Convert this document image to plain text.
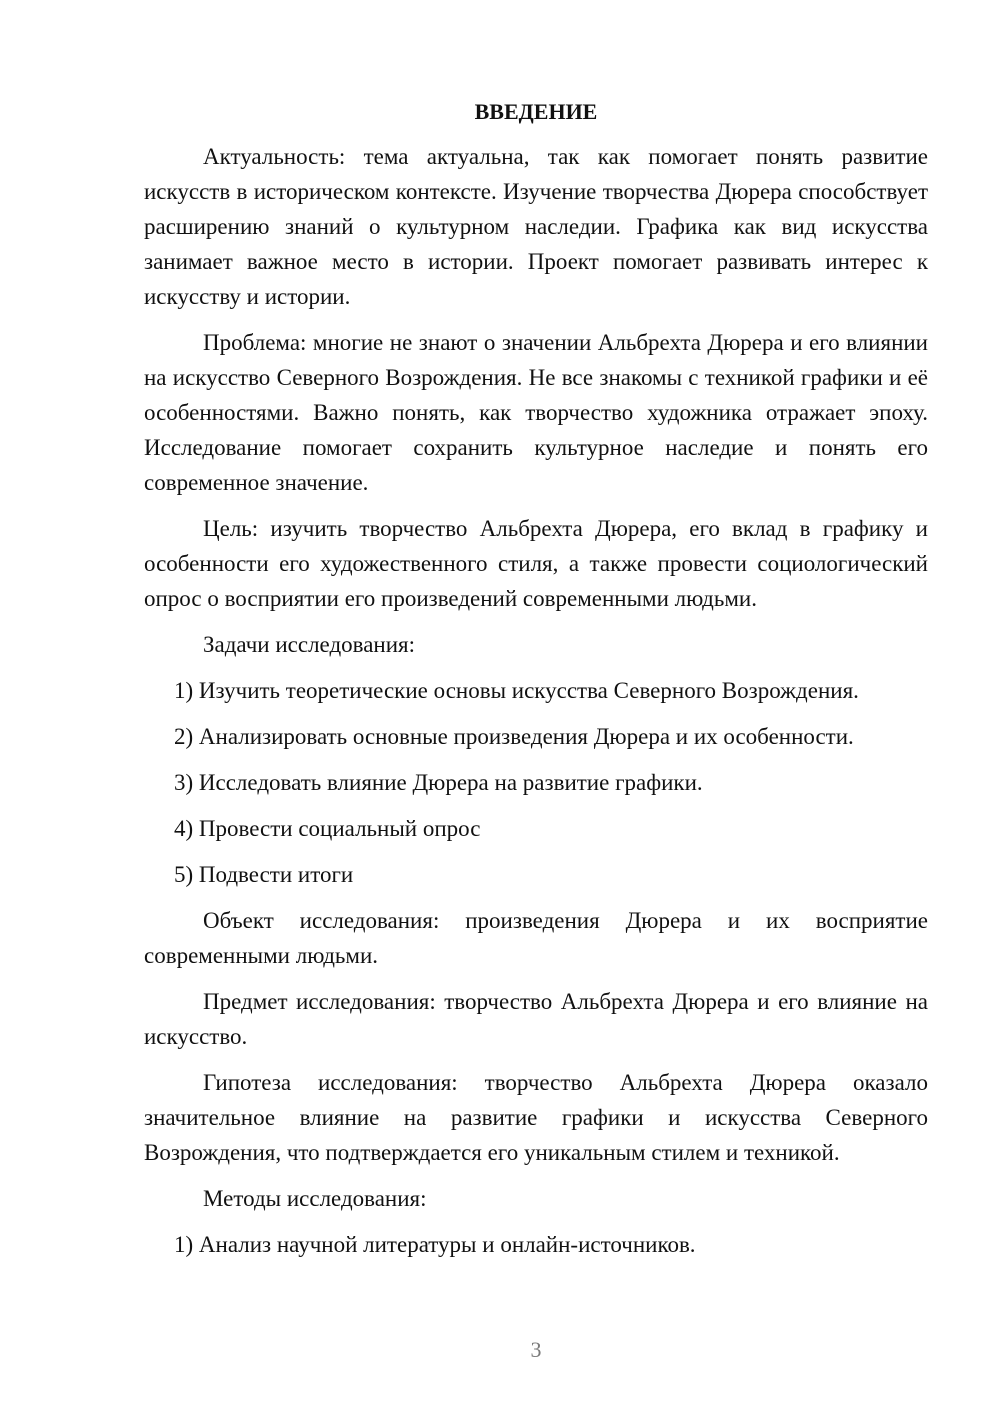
ВВЕДЕНИЕ

Актуальность: тема актуальна, так как помогает понять развитие искусств в историческом контексте. Изучение творчества Дюрера способствует расширению знаний о культурном наследии. Графика как вид искусства занимает важное место в истории. Проект помогает развивать интерес к искусству и истории.

Проблема: многие не знают о значении Альбрехта Дюрера и его влиянии на искусство Северного Возрождения. Не все знакомы с техникой графики и её особенностями. Важно понять, как творчество художника отражает эпоху. Исследование помогает сохранить культурное наследие и понять его современное значение.

Цель: изучить творчество Альбрехта Дюрера, его вклад в графику и особенности его художественного стиля, а также провести социологический опрос о восприятии его произведений современными людьми.

Задачи исследования:

1) Изучить теоретические основы искусства Северного Возрождения.

2) Анализировать основные произведения Дюрера и их особенности.

3) Исследовать влияние Дюрера на развитие графики.

4) Провести социальный опрос

5) Подвести итоги

Объект исследования: произведения Дюрера и их восприятие современными людьми.

Предмет исследования: творчество Альбрехта Дюрера и его влияние на искусство.

Гипотеза исследования: творчество Альбрехта Дюрера оказало значительное влияние на развитие графики и искусства Северного Возрождения, что подтверждается его уникальным стилем и техникой.

Методы исследования:

1) Анализ научной литературы и онлайн-источников.

3
